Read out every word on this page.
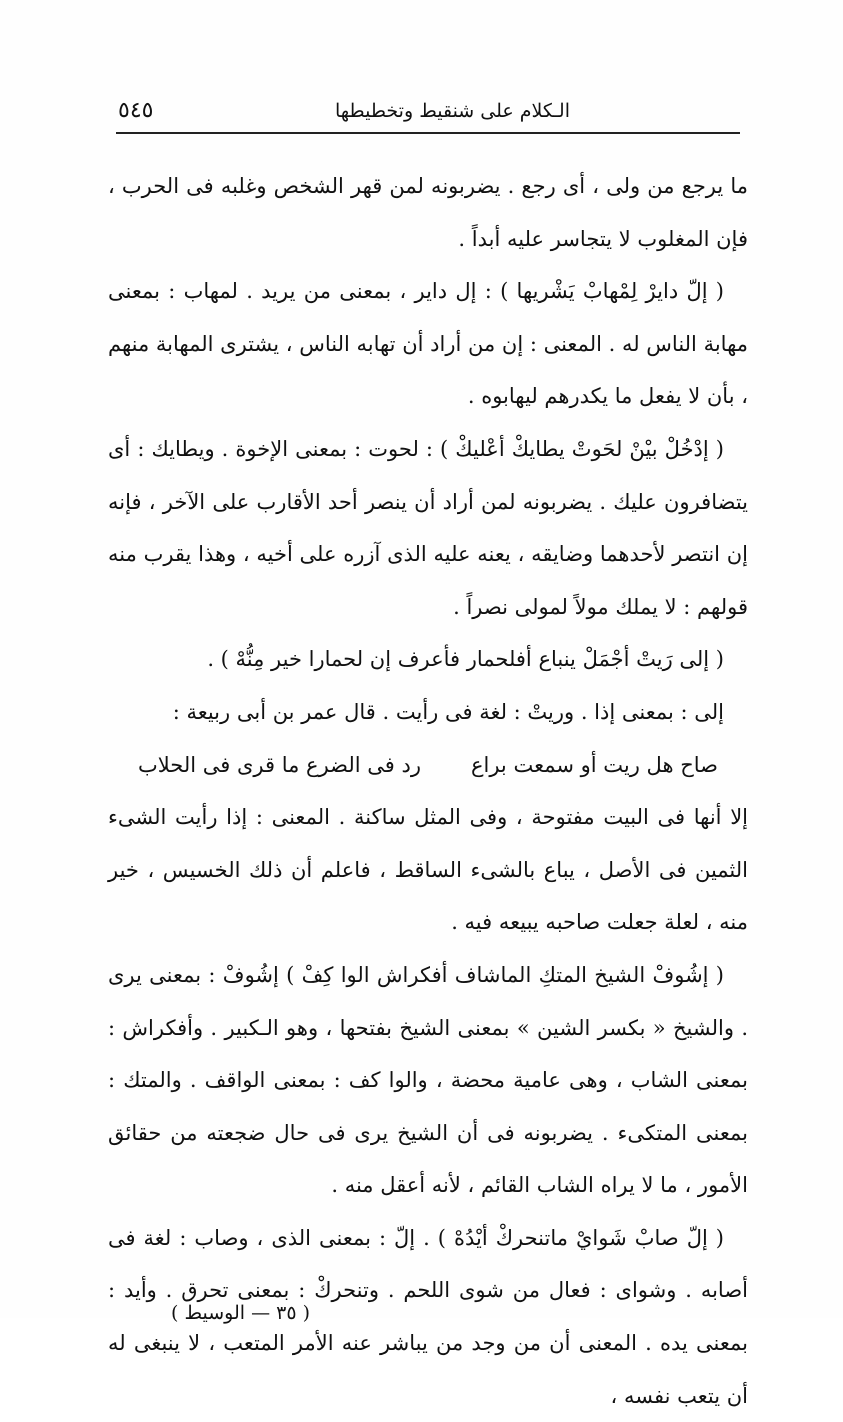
الـكلام على شنقيط وتخطيطها
٥٤٥

ما يرجع من ولى ، أى رجع . يضربونه لمن قهر الشخص وغلبه فى الحرب ، فإن المغلوب لا يتجاسر عليه أبداً .

( إلّ دايرْ لِمْهابْ يَشْريها ) : إل داير ، بمعنى من يريد . لمهاب : بمعنى مهابة الناس له . المعنى : إن من أراد أن تهابه الناس ، يشترى المهابة منهم ، بأن لا يفعل ما يكدرهم ليهابوه .

( إدْخُلْ بيْنْ لحَوتْ يطايكْ أعْليكْ ) : لحوت : بمعنى الإخوة . ويطايك : أى يتضافرون عليك . يضربونه لمن أراد أن ينصر أحد الأقارب على الآخر ، فإنه إن انتصر لأحدهما وضايقه ، يعنه عليه الذى آزره على أخيه ، وهذا يقرب منه قولهم : لا يملك مولاً لمولى نصراً .

( إلى رَيتْ أجْمَلْ ينباع أفلحمار فأعرف إن لحمارا خير مِنُّهْ ) .

إلى : بمعنى إذا . وريتْ : لغة فى رأيت . قال عمر بن أبى ربيعة :

صاح هل ريت أو سمعت براع
رد فى الضرع ما قرى فى الحلاب

إلا أنها فى البيت مفتوحة ، وفى المثل ساكنة . المعنى : إذا رأيت الشىء الثمين فى الأصل ، يباع بالشىء الساقط ، فاعلم أن ذلك الخسيس ، خير منه ، لعلة جعلت صاحبه يبيعه فيه .

( إشُوفْ الشيخ المتكِ الماشاف أفكراش الوا كِفْ ) إشُوفْ : بمعنى يرى . والشيخ « بكسر الشين » بمعنى الشيخ بفتحها ، وهو الـكبير . وأفكراش : بمعنى الشاب ، وهى عامية محضة ، والوا كف : بمعنى الواقف . والمتك : بمعنى المتكىء . يضربونه فى أن الشيخ يرى فى حال ضجعته من حقائق الأمور ، ما لا يراه الشاب القائم ، لأنه أعقل منه .

( إلّ صابْ شَوايْ ماتنحركْ أيْدُهْ ) . إلّ : بمعنى الذى ، وصاب : لغة فى أصابه . وشواى : فعال من شوى اللحم . وتنحركْ : بمعنى تحرق . وأيد : بمعنى يده . المعنى أن من وجد من يباشر عنه الأمر المتعب ، لا ينبغى له أن يتعب نفسه ،

( ٣٥ — الوسيط )
